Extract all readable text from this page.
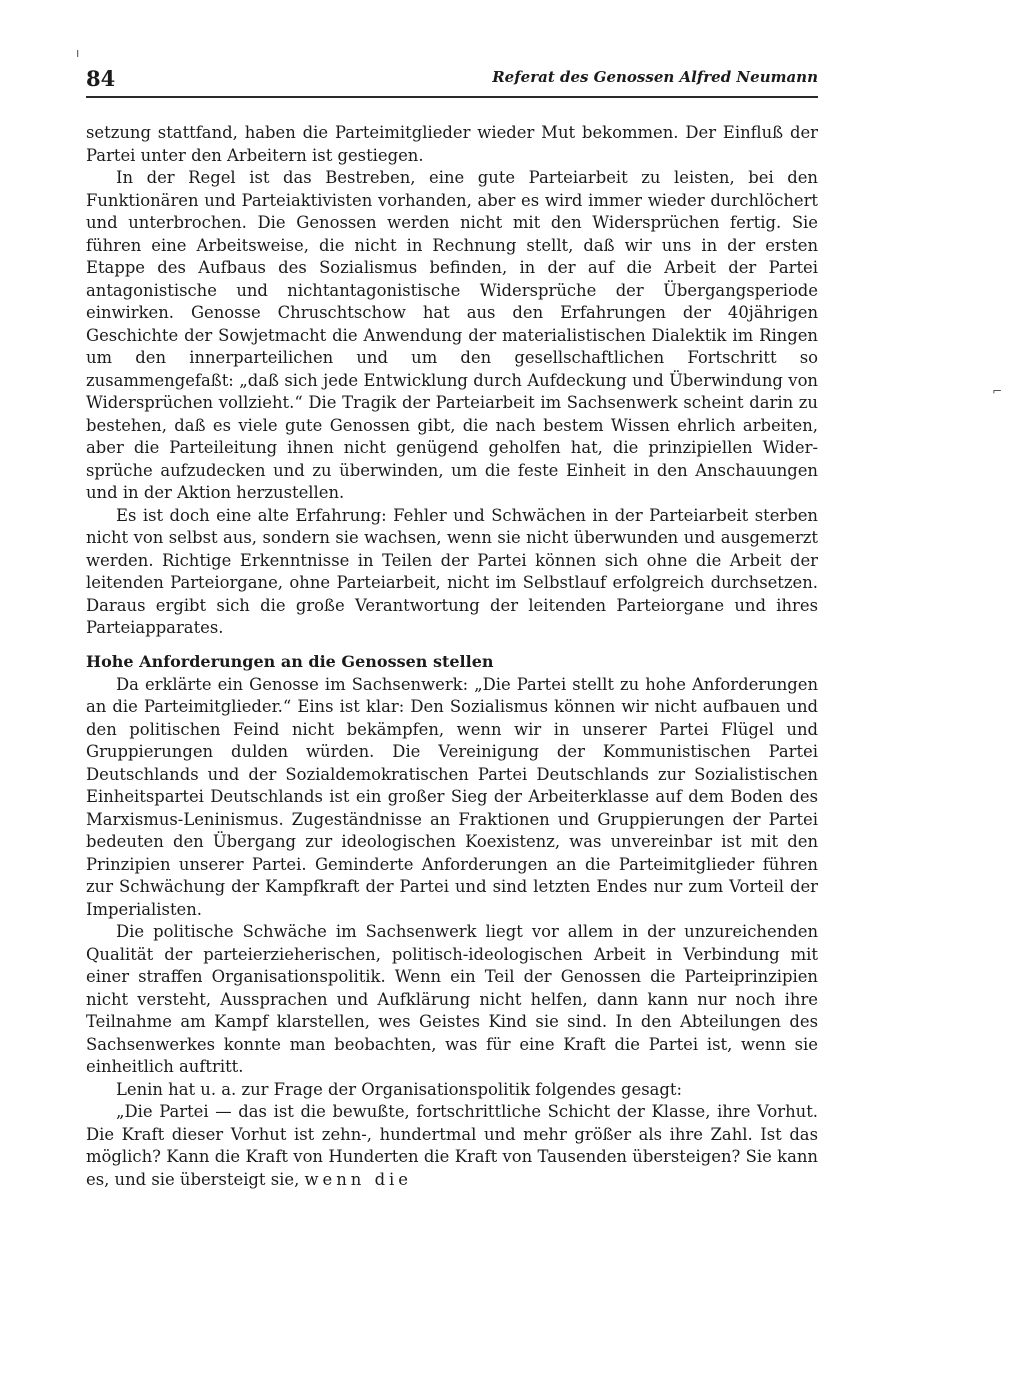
ı
84	Referat des Genossen Alfred Neumann

setzung stattfand, haben die Parteimitglieder wieder Mut bekommen. Der Einfluß der Partei unter den Arbeitern ist gestiegen.

In der Regel ist das Bestreben, eine gute Parteiarbeit zu leisten, bei den Funktionären und Parteiaktivisten vorhanden, aber es wird immer wieder durchlöchert und unterbrochen. Die Genossen werden nicht mit den Widersprüchen fertig. Sie führen eine Arbeitsweise, die nicht in Rechnung stellt, daß wir uns in der ersten Etappe des Aufbaus des Sozialismus befinden, in der auf die Arbeit der Partei antagonistische und nichtantagonistische Widersprüche der Übergangsperiode einwirken. Genosse Chruschtschow hat aus den Erfahrungen der 40jährigen Geschichte der Sowjetmacht die Anwendung der materialistischen Dialektik im Ringen um den innerparteilichen und um den gesellschaftlichen Fortschritt so zusammengefaßt: „daß sich jede Entwicklung durch Aufdeckung und Überwindung von Widersprüchen vollzieht.“ Die Tragik der Parteiarbeit im Sachsenwerk scheint darin zu bestehen, daß es viele gute Genossen gibt, die nach bestem Wissen ehrlich arbeiten, aber die Parteileitung ihnen nicht genügend geholfen hat, die prinzipiellen Widersprüche aufzudecken und zu überwinden, um die feste Einheit in den Anschauungen und in der Aktion herzustellen.

Es ist doch eine alte Erfahrung: Fehler und Schwächen in der Parteiarbeit sterben nicht von selbst aus, sondern sie wachsen, wenn sie nicht überwunden und ausgemerzt werden. Richtige Erkenntnisse in Teilen der Partei können sich ohne die Arbeit der leitenden Parteiorgane, ohne Parteiarbeit, nicht im Selbstlauf erfolgreich durchsetzen. Daraus ergibt sich die große Verantwortung der leitenden Parteiorgane und ihres Parteiapparates.

Hohe Anforderungen an die Genossen stellen

Da erklärte ein Genosse im Sachsenwerk: „Die Partei stellt zu hohe Anforderungen an die Parteimitglieder.“ Eins ist klar: Den Sozialismus können wir nicht aufbauen und den politischen Feind nicht bekämpfen, wenn wir in unserer Partei Flügel und Gruppierungen dulden würden. Die Vereinigung der Kommunistischen Partei Deutschlands und der Sozialdemokratischen Partei Deutschlands zur Sozialistischen Einheitspartei Deutschlands ist ein großer Sieg der Arbeiterklasse auf dem Boden des Marxismus-Leninismus. Zugeständnisse an Fraktionen und Gruppierungen der Partei bedeuten den Übergang zur ideologischen Koexistenz, was unvereinbar ist mit den Prinzipien unserer Partei. Geminderte Anforderungen an die Parteimitglieder führen zur Schwächung der Kampfkraft der Partei und sind letzten Endes nur zum Vorteil der Imperialisten.

Die politische Schwäche im Sachsenwerk liegt vor allem in der unzureichenden Qualität der parteierzieherischen, politisch-ideologischen Arbeit in Verbindung mit einer straffen Organisationspolitik. Wenn ein Teil der Genossen die Parteiprinzipien nicht versteht, Aussprachen und Aufklärung nicht helfen, dann kann nur noch ihre Teilnahme am Kampf klarstellen, wes Geistes Kind sie sind. In den Abteilungen des Sachsenwerkes konnte man beobachten, was für eine Kraft die Partei ist, wenn sie einheitlich auftritt.

Lenin hat u. a. zur Frage der Organisationspolitik folgendes gesagt:

„Die Partei — das ist die bewußte, fortschrittliche Schicht der Klasse, ihre Vorhut. Die Kraft dieser Vorhut ist zehn-, hundertmal und mehr größer als ihre Zahl. Ist das möglich? Kann die Kraft von Hunderten die Kraft von Tausenden übersteigen? Sie kann es, und sie übersteigt sie, wenn die

⌐
